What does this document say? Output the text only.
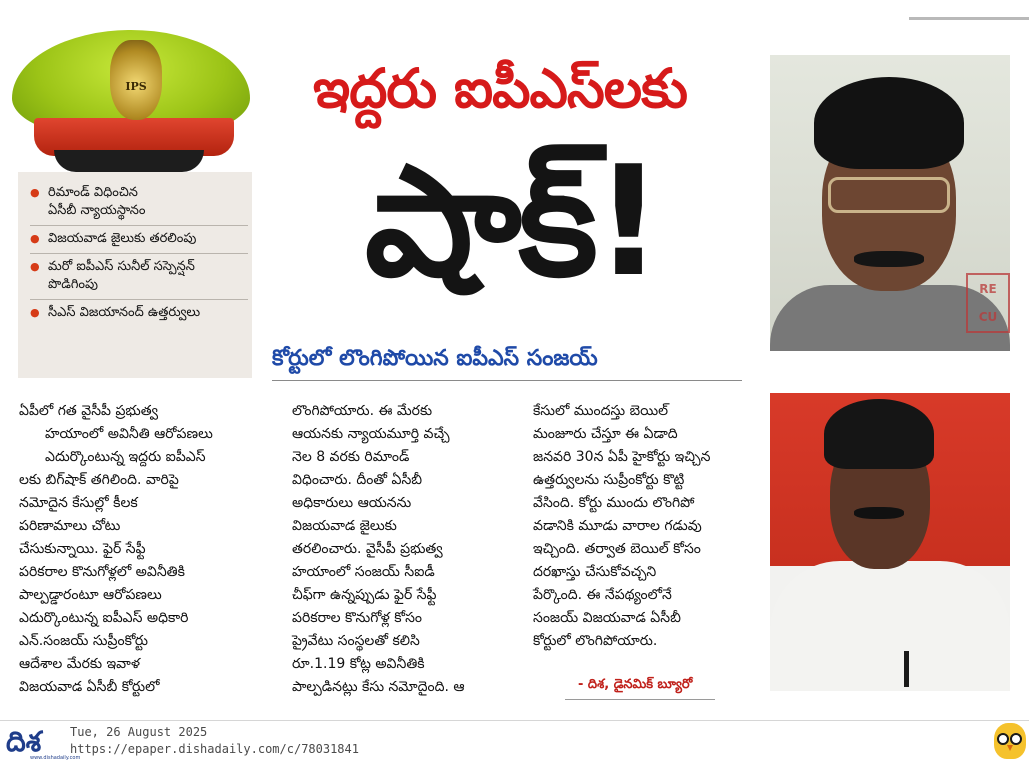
IPS
● రిమాండ్‌ విధించిన
ఏసీబీ న్యాయస్థానం
● విజయవాడ జైలుకు తరలింపు
● మరో ఐపీఎస్‌ సునీల్‌ సస్పెన్షన్‌
పొడిగింపు
● సీఎస్‌ విజయానంద్‌ ఉత్తర్వులు
ఇద్దరు ఐపీఎస్‌లకు
షాక్‌!
కోర్టులో లొంగిపోయిన ఐపీఎస్‌ సంజయ్‌
RE CU

ఏపీలో గత వైసీపీ ప్రభుత్వ

హయాంలో అవినీతి ఆరోపణలు

ఎదుర్కొంటున్న ఇద్దరు ఐపీఎస్‌

లకు బిగ్‌షాక్‌ తగిలింది. వారిపై

నమోదైన కేసుల్లో కీలక

పరిణామాలు చోటు

చేసుకున్నాయి. ఫైర్‌ సేఫ్టీ

పరికరాల కొనుగోళ్లలో అవినీతికి

పాల్పడ్డారంటూ ఆరోపణలు

ఎదుర్కొంటున్న ఐపీఎస్‌ అధికారి

ఎన్‌.సంజయ్‌ సుప్రీంకోర్టు

ఆదేశాల మేరకు ఇవాళ

విజయవాడ ఏసీబీ కోర్టులో

లొంగిపోయారు. ఈ మేరకు

ఆయనకు న్యాయమూర్తి వచ్చే

నెల 8 వరకు రిమాండ్‌

విధించారు. దీంతో ఏసీబీ

అధికారులు ఆయనను

విజయవాడ జైలుకు

తరలించారు. వైసీపీ ప్రభుత్వ

హయాంలో సంజయ్‌ సీఐడీ

చీఫ్‌గా ఉన్నప్పుడు ఫైర్‌ సేఫ్టీ

పరికరాల కొనుగోళ్ల కోసం

ప్రైవేటు సంస్థలతో కలిసి

రూ.1.19 కోట్ల అవినీతికి

పాల్పడినట్లు కేసు నమోదైంది. ఆ

కేసులో ముందస్తు బెయిల్‌

మంజూరు చేస్తూ ఈ ఏడాది

జనవరి 30న ఏపీ హైకోర్టు ఇచ్చిన

ఉత్తర్వులను సుప్రీంకోర్టు కొట్టి

వేసింది. కోర్టు ముందు లొంగిపో

వడానికి మూడు వారాల గడువు

ఇచ్చింది. తర్వాత బెయిల్‌ కోసం

దరఖాస్తు చేసుకోవచ్చని

పేర్కొంది. ఈ నేపథ్యంలోనే

సంజయ్‌ విజయవాడ ఏసీబీ

కోర్టులో లొంగిపోయారు.

- దిశ, డైనమిక్‌ బ్యూరో
దిశ
www.dishadaily.com
Tue, 26 August 2025
https://epaper.dishadaily.com/c/78031841
